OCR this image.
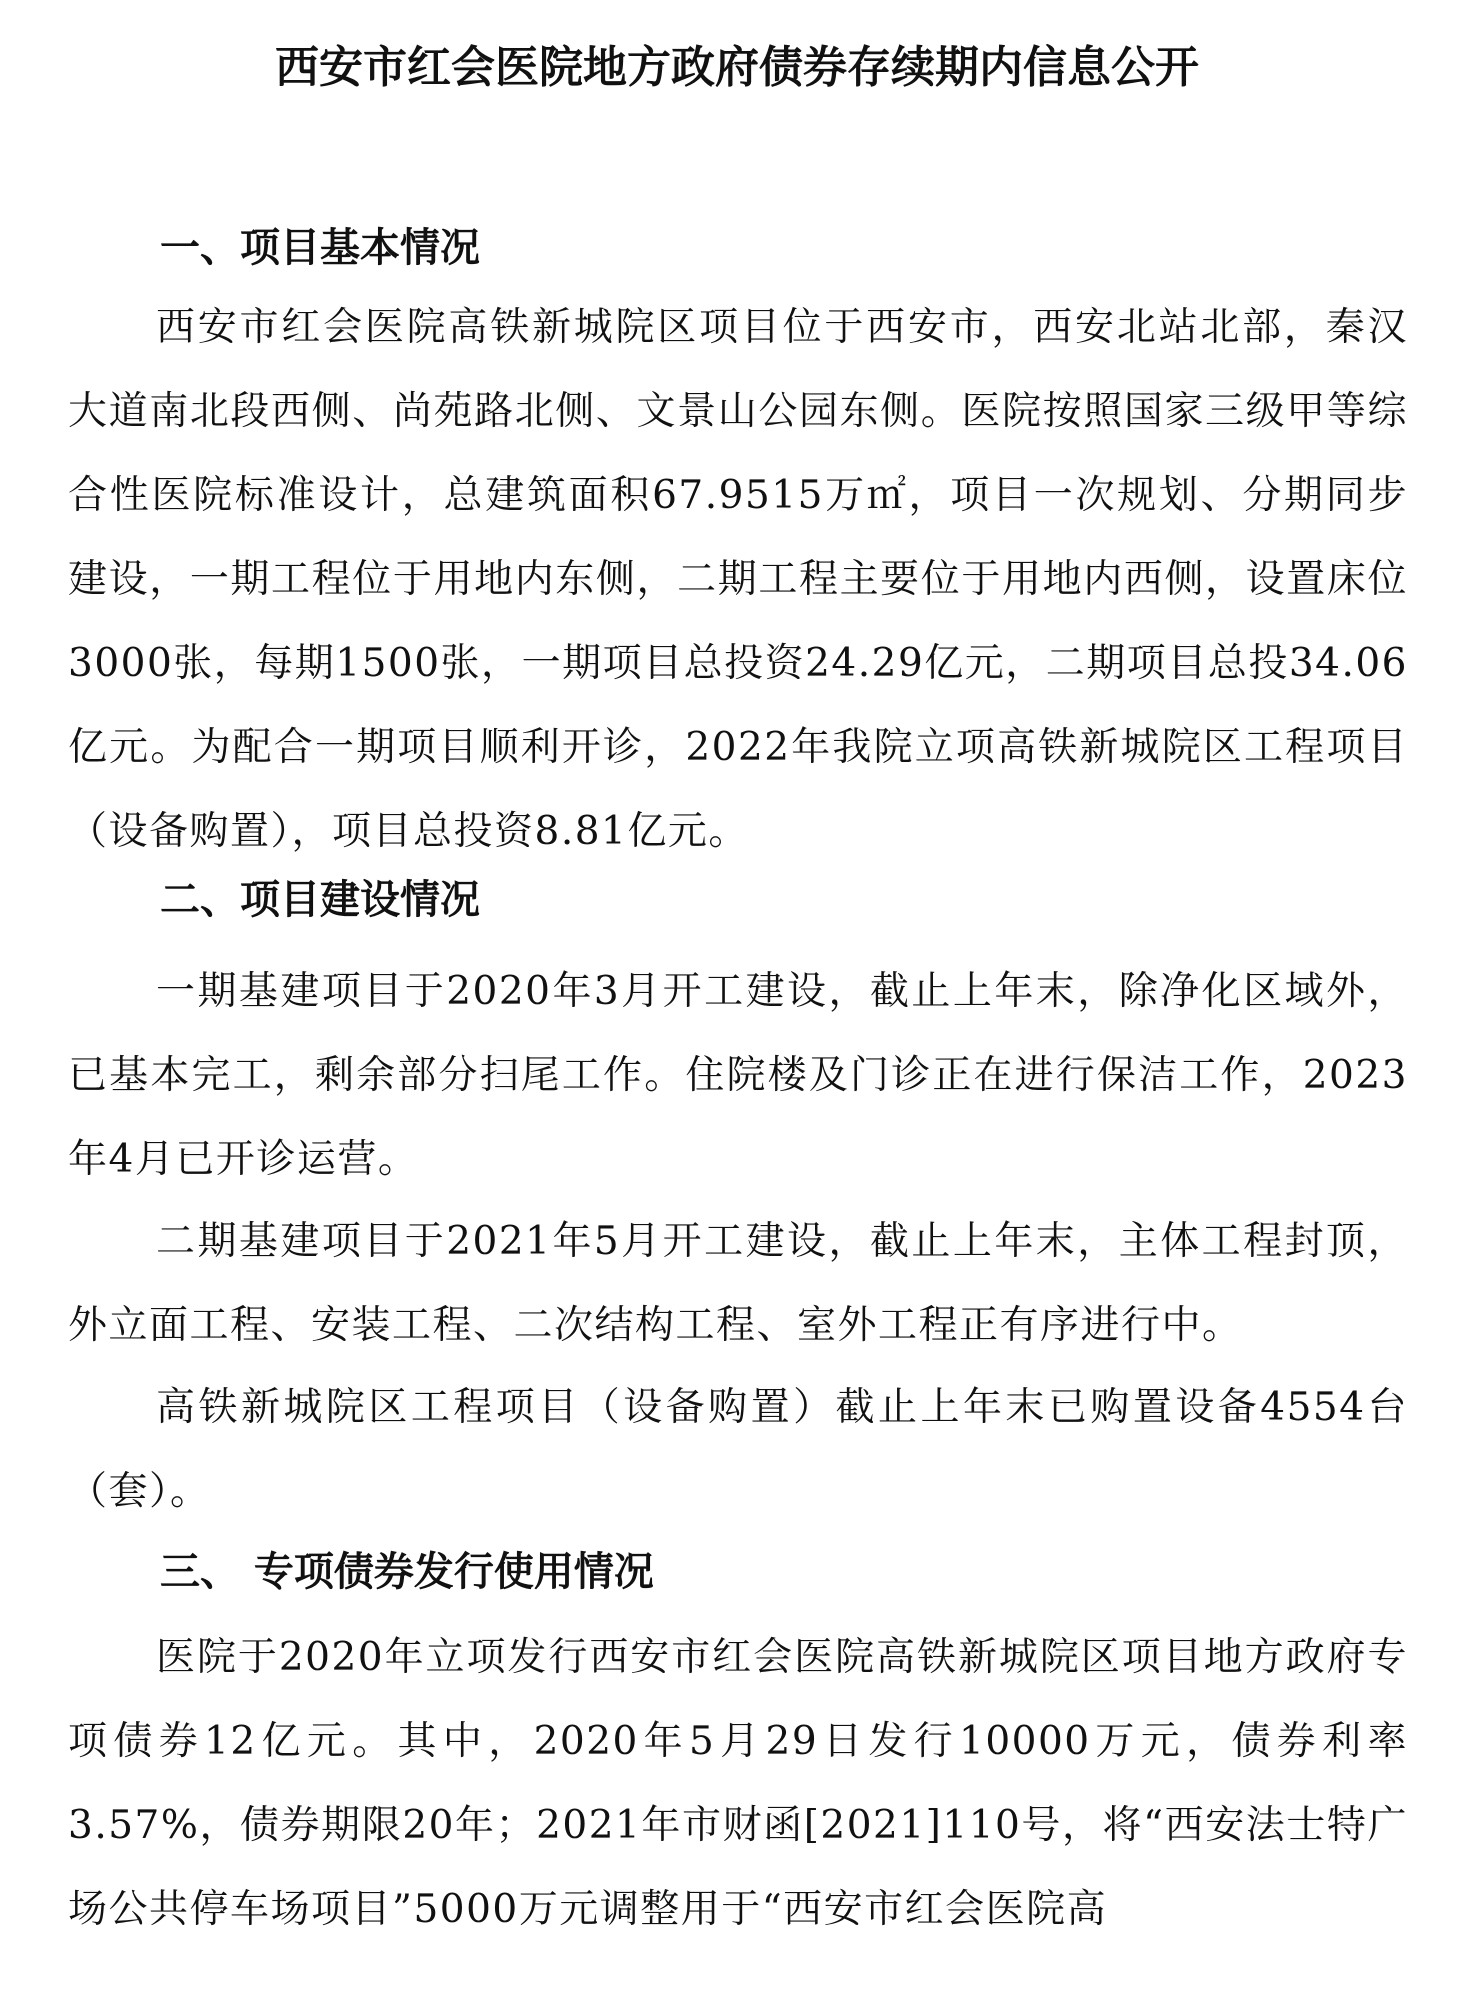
西安市红会医院地方政府债券存续期内信息公开
一、项目基本情况

西安市红会医院高铁新城院区项目位于西安市，西安北站北部，秦汉大道南北段西侧、尚苑路北侧、文景山公园东侧。医院按照国家三级甲等综合性医院标准设计，总建筑面积67.9515万㎡，项目一次规划、分期同步建设，一期工程位于用地内东侧，二期工程主要位于用地内西侧，设置床位3000张，每期1500张，一期项目总投资24.29亿元，二期项目总投34.06亿元。为配合一期项目顺利开诊，2022年我院立项高铁新城院区工程项目（设备购置），项目总投资8.81亿元。

二、项目建设情况

一期基建项目于2020年3月开工建设，截止上年末，除净化区域外，已基本完工，剩余部分扫尾工作。住院楼及门诊正在进行保洁工作，2023年4月已开诊运营。

二期基建项目于2021年5月开工建设，截止上年末，主体工程封顶，外立面工程、安装工程、二次结构工程、室外工程正有序进行中。

高铁新城院区工程项目（设备购置）截止上年末已购置设备4554台（套）。

三、 专项债券发行使用情况

医院于2020年立项发行西安市红会医院高铁新城院区项目地方政府专项债券12亿元。其中，2020年5月29日发行10000万元，债券利率3.57%，债券期限20年；2021年市财函[2021]110号，将“西安法士特广场公共停车场项目”5000万元调整用于“西安市红会医院高
